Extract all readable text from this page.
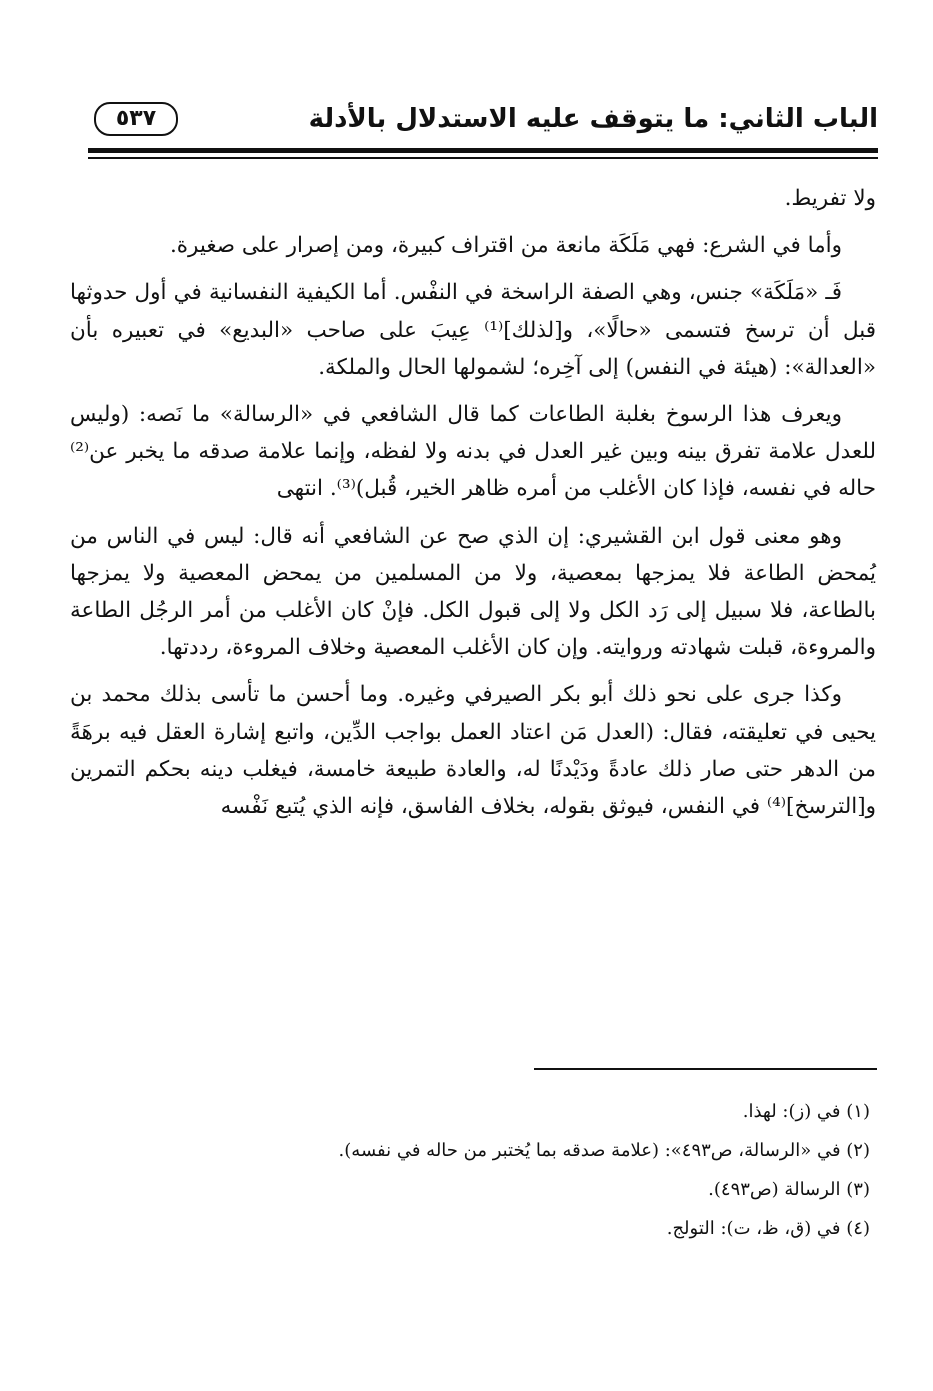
الباب الثاني: ما يتوقف عليه الاستدلال بالأدلة
٥٣٧

ولا تفريط.

وأما في الشرع: فهي مَلَكَة مانعة من اقتراف كبيرة، ومن إصرار على صغيرة.

فَـ «مَلَكَة» جنس، وهي الصفة الراسخة في النفْس. أما الكيفية النفسانية في أول حدوثها قبل أن ترسخ فتسمى «حالًا»، و[لذلك]⁽¹⁾ عِيبَ على صاحب «البديع» في تعبيره بأن «العدالة»: (هيئة في النفس) إلى آخِره؛ لشمولها الحال والملكة.

ويعرف هذا الرسوخ بغلبة الطاعات كما قال الشافعي في «الرسالة» ما نَصه: (وليس للعدل علامة تفرق بينه وبين غير العدل في بدنه ولا لفظه، وإنما علامة صدقه ما يخبر عن⁽²⁾ حاله في نفسه، فإذا كان الأغلب من أمره ظاهر الخير، قُبل)⁽³⁾. انتهى

وهو معنى قول ابن القشيري: إن الذي صح عن الشافعي أنه قال: ليس في الناس من يُمحض الطاعة فلا يمزجها بمعصية، ولا من المسلمين من يمحض المعصية ولا يمزجها بالطاعة، فلا سبيل إلى رَد الكل ولا إلى قبول الكل. فإنْ كان الأغلب من أمر الرجُل الطاعة والمروءة، قبلت شهادته وروايته. وإن كان الأغلب المعصية وخلاف المروءة، رددتها.

وكذا جرى على نحو ذلك أبو بكر الصيرفي وغيره. وما أحسن ما تأسى بذلك محمد بن يحيى في تعليقته، فقال: (العدل مَن اعتاد العمل بواجب الدِّين، واتبع إشارة العقل فيه برهَةً من الدهر حتى صار ذلك عادةً ودَيْدنًا له، والعادة طبيعة خامسة، فيغلب دينه بحكم التمرين و[الترسخ]⁽⁴⁾ في النفس، فيوثق بقوله، بخلاف الفاسق، فإنه الذي يُتبع نَفْسه

(١) في (ز): لهذا.
(٢) في «الرسالة، ص٤٩٣»: (علامة صدقه بما يُختبر من حاله في نفسه).
(٣) الرسالة (ص٤٩٣).
(٤) في (ق، ظ، ت): التولج.
